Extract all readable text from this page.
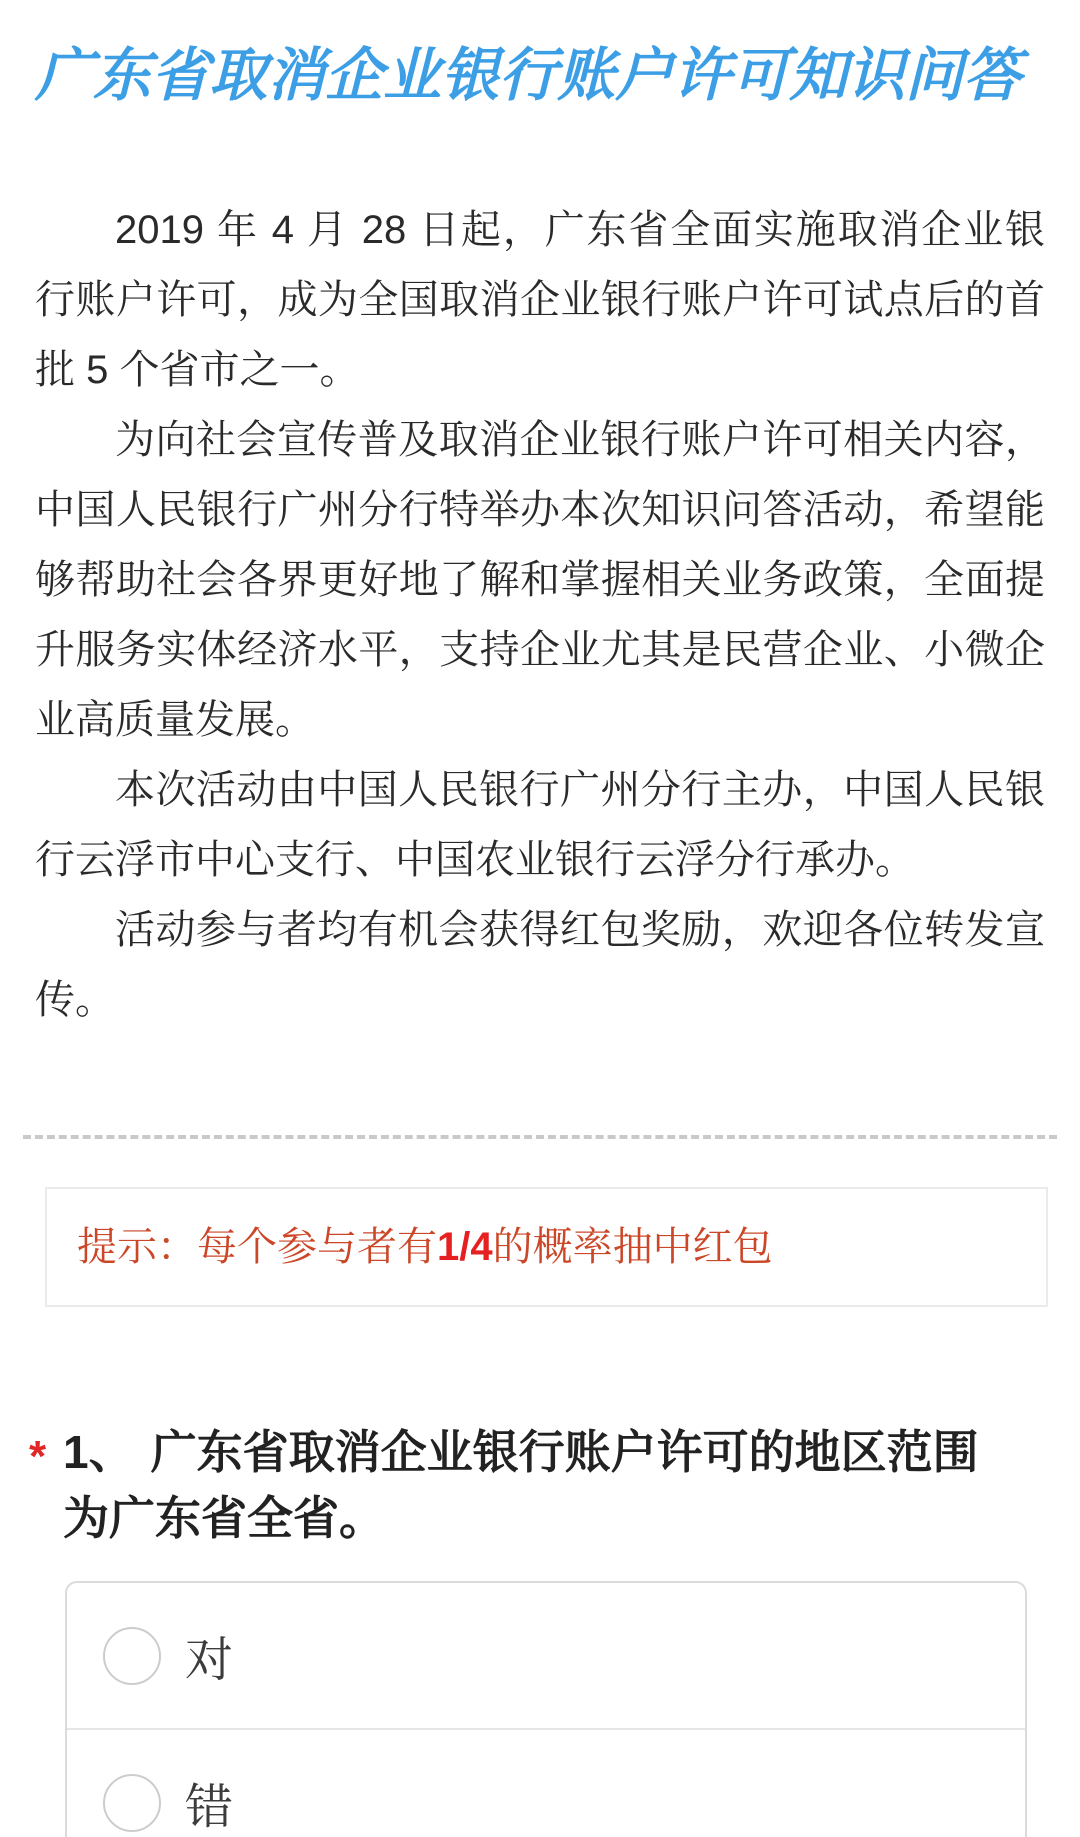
广东省取消企业银行账户许可知识问答

2019 年 4 月 28 日起，广东省全面实施取消企业银行账户许可，成为全国取消企业银行账户许可试点后的首批 5 个省市之一。

为向社会宣传普及取消企业银行账户许可相关内容，中国人民银行广州分行特举办本次知识问答活动，希望能够帮助社会各界更好地了解和掌握相关业务政策，全面提升服务实体经济水平，支持企业尤其是民营企业、小微企业高质量发展。

本次活动由中国人民银行广州分行主办，中国人民银行云浮市中心支行、中国农业银行云浮分行承办。

活动参与者均有机会获得红包奖励，欢迎各位转发宣传。

提示：每个参与者有1/4的概率抽中红包
* 1、 广东省取消企业银行账户许可的地区范围为广东省全省。
对
错
